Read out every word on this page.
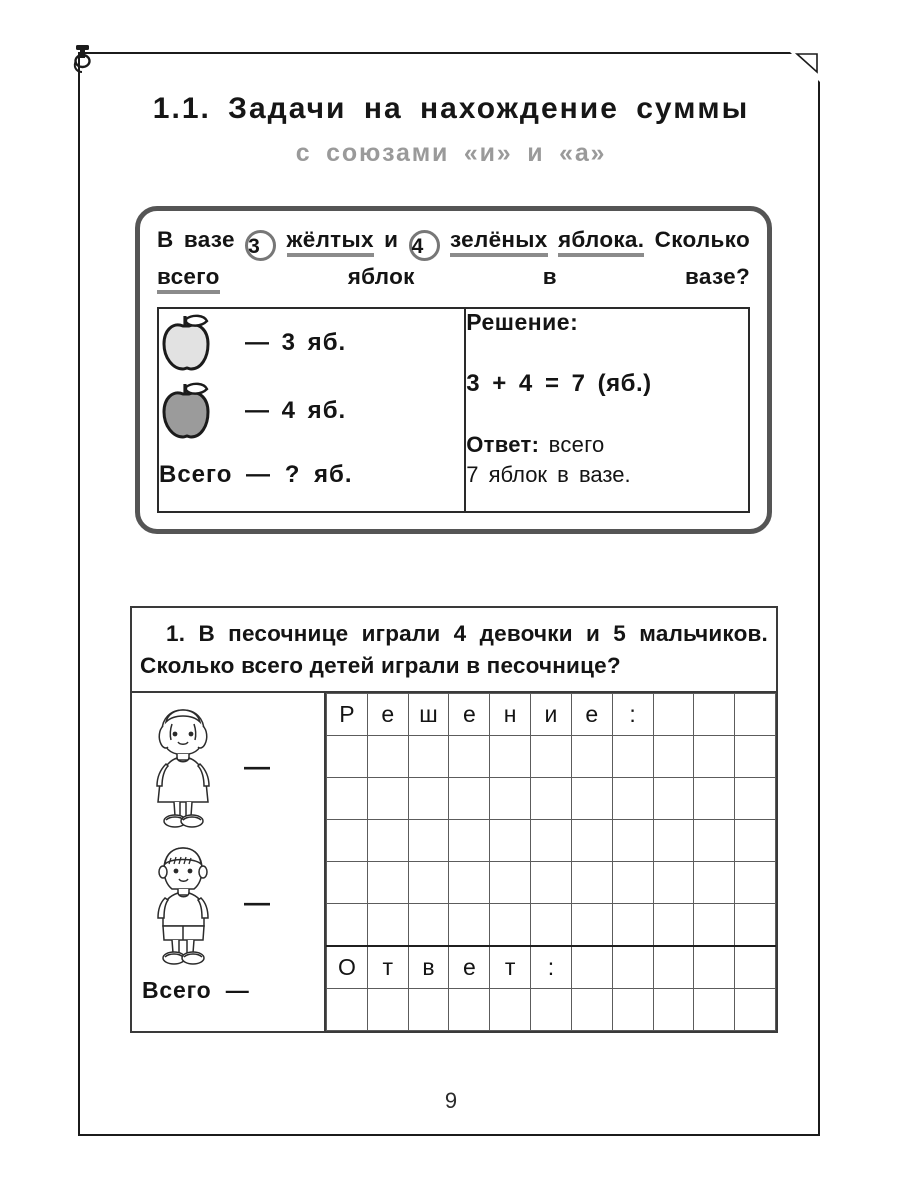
1.1. Задачи на нахождение суммы
с союзами «и» и «а»
В вазе 3 жёлтых и 4 зелёных яблока. Сколько всего	яблок в вазе?
— 3 яб.
— 4 яб.
Всего — ? яб.

Решение:
3 + 4 = 7 (яб.)
Ответ: всего
7 яблок в вазе.
1. В песочнице играли 4 девочки и 5 мальчиков. Сколько всего детей играли в песочнице?
—
—
Всего —
Р	е	ш	е	н	и	е	:			

О	т	в	е	т	:					

9
